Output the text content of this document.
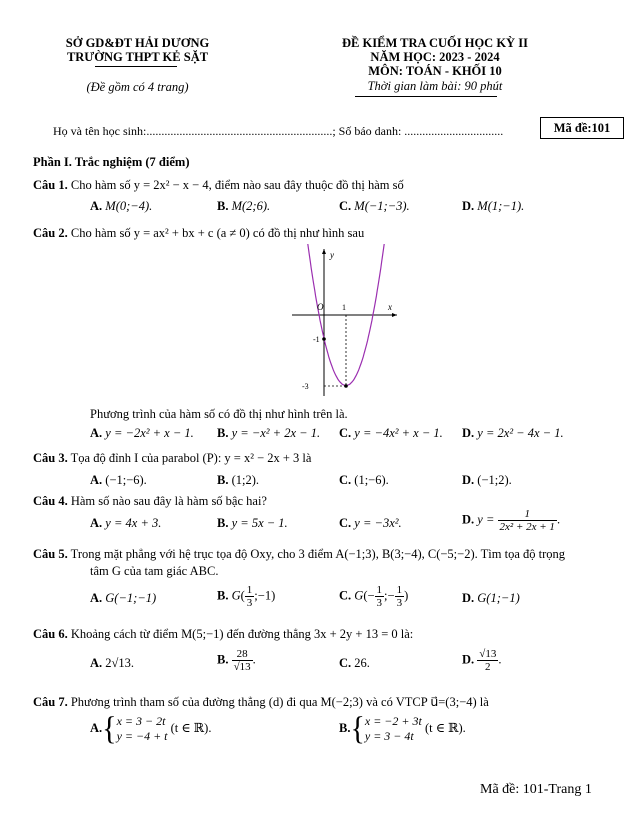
SỞ GD&ĐT HẢI DƯƠNG
TRƯỜNG THPT KẺ SẶT
(Đề gồm có 4 trang)
ĐỀ KIỂM TRA CUỐI HỌC KỲ II
NĂM HỌC: 2023 - 2024
MÔN: TOÁN - KHỐI 10
Thời gian làm bài: 90 phút
Họ và tên học sinh:..............................................................; Số báo danh: .................................	Mã đề:101
Phần I. Trắc nghiệm (7 điểm)
Câu 1. Cho hàm số y = 2x² − x − 4, điểm nào sau đây thuộc đồ thị hàm số
A. M(0;−4).	B. M(2;6).	C. M(−1;−3).	D. M(1;−1).
Câu 2. Cho hàm số y = ax² + bx + c (a ≠ 0) có đồ thị như hình sau
y
x
O 1
-1
-3
Phương trình của hàm số có đồ thị như hình trên là.
A. y = −2x² + x − 1. B. y = −x² + 2x − 1. C. y = −4x² + x − 1. D. y = 2x² − 4x − 1.
Câu 3. Tọa độ đỉnh I của parabol (P): y = x² − 2x + 3 là
A. (−1;−6).	B. (1;2).	C. (1;−6).	D. (−1;2).
Câu 4. Hàm số nào sau đây là hàm số bậc hai?
A. y = 4x + 3.	B. y = 5x − 1.	C. y = −3x².	D. $y = \frac{1}{\text{2x² + 2x + 1}}$ .
Câu 5. Trong mặt phẳng với hệ trục tọa độ Oxy, cho 3 điểm A(−1;3), B(3;−4), C(−5;−2). Tìm tọa độ trọng
tâm G của tam giác ABC.
A. G(−1;−1)	B. $G( \frac{1}{3}$ ;−1)	C. $G(- \frac{1}{3}$ ;− $\frac{1}{3}$ )	D. G(1;−1)
Câu 6. Khoảng cách từ điểm M(5;−1) đến đường thẳng 3x + 2y + 13 = 0 là:
A. 2√13.	B. $\frac{28}{√13}$ .	C. 26.	D. $\frac{√13}{2}$ .
Câu 7. Phương trình tham số của đường thẳng (d) đi qua M(−2;3) và có VTCP u⃗=(3;−4) là
A.{x = 3 − 2t
y = −4 + t (t ∈ ℝ).	B.{x = −2 + 3t
y = 3 − 4t (t ∈ ℝ).
Mã đề: 101-Trang 1
